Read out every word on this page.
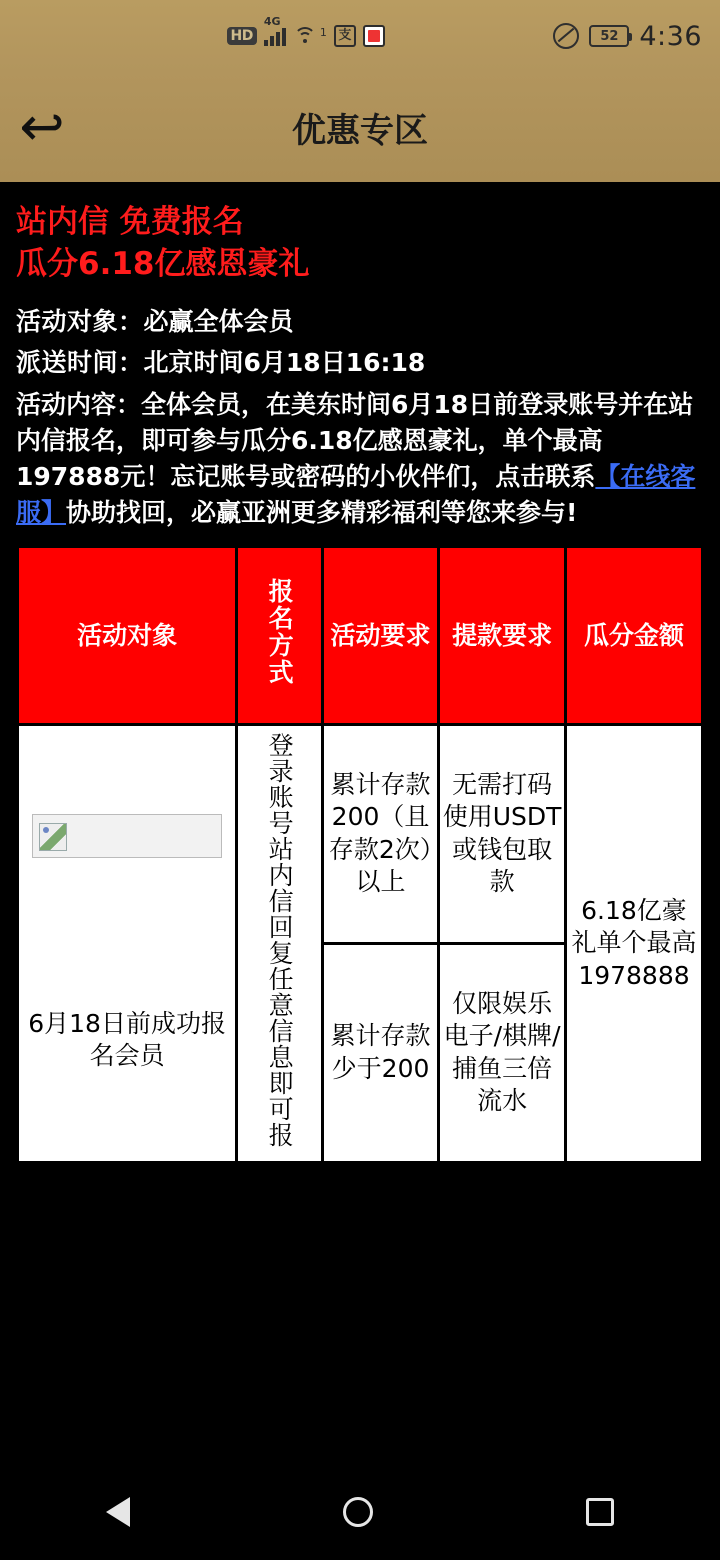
HD
4G
1 支	52 4:36
↩	优惠专区
站内信 免费报名
瓜分6.18亿感恩豪礼
活动对象：必赢全体会员
派送时间：北京时间6月18日16:18
活动内容：全体会员，在美东时间6月18日前登录账号并在站内信报名，即可参与瓜分6.18亿感恩豪礼，单个最高197888元！忘记账号或密码的小伙伴们，点击联系【在线客服】协助找回，必赢亚洲更多精彩福利等您来参与!
活动对象	报名方式	活动要求	提款要求	瓜分金额

6月18日前成功报名会员	登录账号站内信回复任意信息即可报	累计存款200（且存款2次）以上	无需打码使用USDT或钱包取款	6.18亿豪礼单个最高1978888
		累计存款少于200	仅限娱乐电子/棋牌/捕鱼三倍流水	
